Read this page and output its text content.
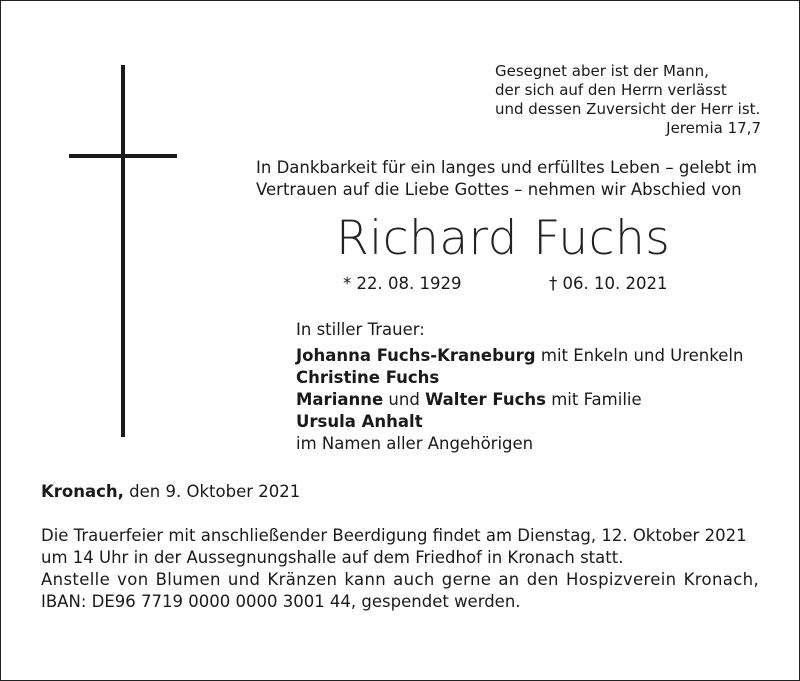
Gesegnet aber ist der Mann,
der sich auf den Herrn verlässt
und dessen Zuversicht der Herr ist.
Jeremia 17,7
In Dankbarkeit für ein langes und erfülltes Leben – gelebt im
Vertrauen auf die Liebe Gottes – nehmen wir Abschied von
Richard Fuchs
* 22. 08. 1929	† 06. 10. 2021
In stiller Trauer:
Johanna Fuchs-Kraneburg mit Enkeln und Urenkeln
Christine Fuchs
Marianne und Walter Fuchs mit Familie
Ursula Anhalt
im Namen aller Angehörigen
Kronach, den 9. Oktober 2021

Die Trauerfeier mit anschließender Beerdigung findet am Dienstag, 12. Oktober 2021

um 14 Uhr in der Aussegnungshalle auf dem Friedhof in Kronach statt.

Anstelle von Blumen und Kränzen kann auch gerne an den Hospizverein Kronach,

IBAN: DE96 7719 0000 0000 3001 44, gespendet werden.
